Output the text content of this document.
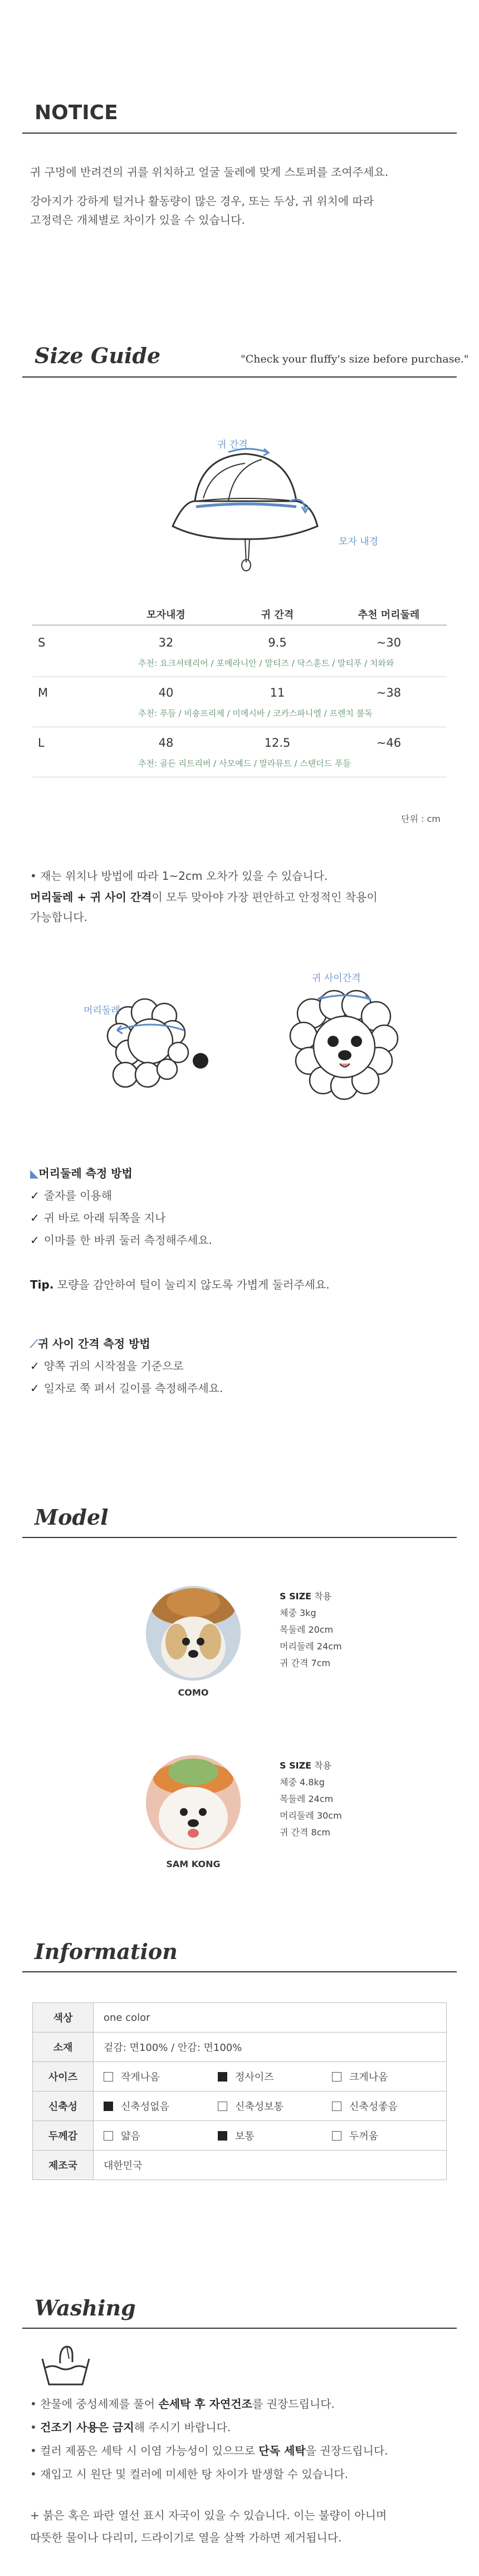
NOTICE
귀 구멍에 반려견의 귀를 위치하고 얼굴 둘레에 맞게 스토퍼를 조여주세요.
강아지가 강하게 털거나 활동량이 많은 경우, 또는 두상, 귀 위치에 따라
고정력은 개체별로 차이가 있을 수 있습니다.
Size Guide	"Check your fluffy's size before purchase."
귀 간격
모자 내경
모자내경	귀 간격	추천 머리둘레
S	32	9.5	~30
추천: 요크셔테리어 / 포메라니안 / 말티즈 / 닥스훈트 / 말티푸 / 치와와
M	40	11	~38
추천: 푸들 / 비숑프리제 / 미메시바 / 코카스파니엘 / 프렌치 불독
L	48	12.5	~46
추천: 골든 리트리버 / 사모예드 / 말라뮤트 / 스탠더드 푸들
단위 : cm
• 재는 위치나 방법에 따라 1~2cm 오차가 있을 수 있습니다.
머리둘레 + 귀 사이 간격이 모두 맞아야 가장 편안하고 안정적인 착용이
가능합니다.
머리둘레
귀 사이간격
◣머리둘레 측정 방법
✓ 줄자를 이용해
✓ 귀 바로 아래 뒤쪽을 지나
✓ 이마를 한 바퀴 둘러 측정해주세요.
Tip. 모량을 감안하여 털이 눌리지 않도록 가볍게 둘러주세요.
⟋귀 사이 간격 측정 방법
✓ 양쪽 귀의 시작점을 기준으로
✓ 일자로 쭉 펴서 길이를 측정해주세요.
Model
COMO
S SIZE 착용
체중 3kg
목둘레 20cm
머리둘레 24cm
귀 간격 7cm
SAM KONG
S SIZE 착용
체중 4.8kg
목둘레 24cm
머리둘레 30cm
귀 간격 8cm
Information
색상	one color
소재	겉감: 면100% / 안감: 면100%
사이즈	작게나옴 정사이즈 크게나옴

신축성	신축성없음 신축성보통 신축성좋음

두께감	얇음 보통 두꺼움

제조국	대한민국
Washing
• 찬물에 중성세제를 풀어 손세탁 후 자연건조를 권장드립니다.
• 건조기 사용은 금지해 주시기 바랍니다.
• 컬러 제품은 세탁 시 이염 가능성이 있으므로 단독 세탁을 권장드립니다.
• 재입고 시 원단 및 컬러에 미세한 탕 차이가 발생할 수 있습니다.
+ 붉은 혹은 파란 열선 표시 자국이 있을 수 있습니다. 이는 불량이 아니며
따뜻한 물이나 다리미, 드라이기로 열을 살짝 가하면 제거됩니다.
